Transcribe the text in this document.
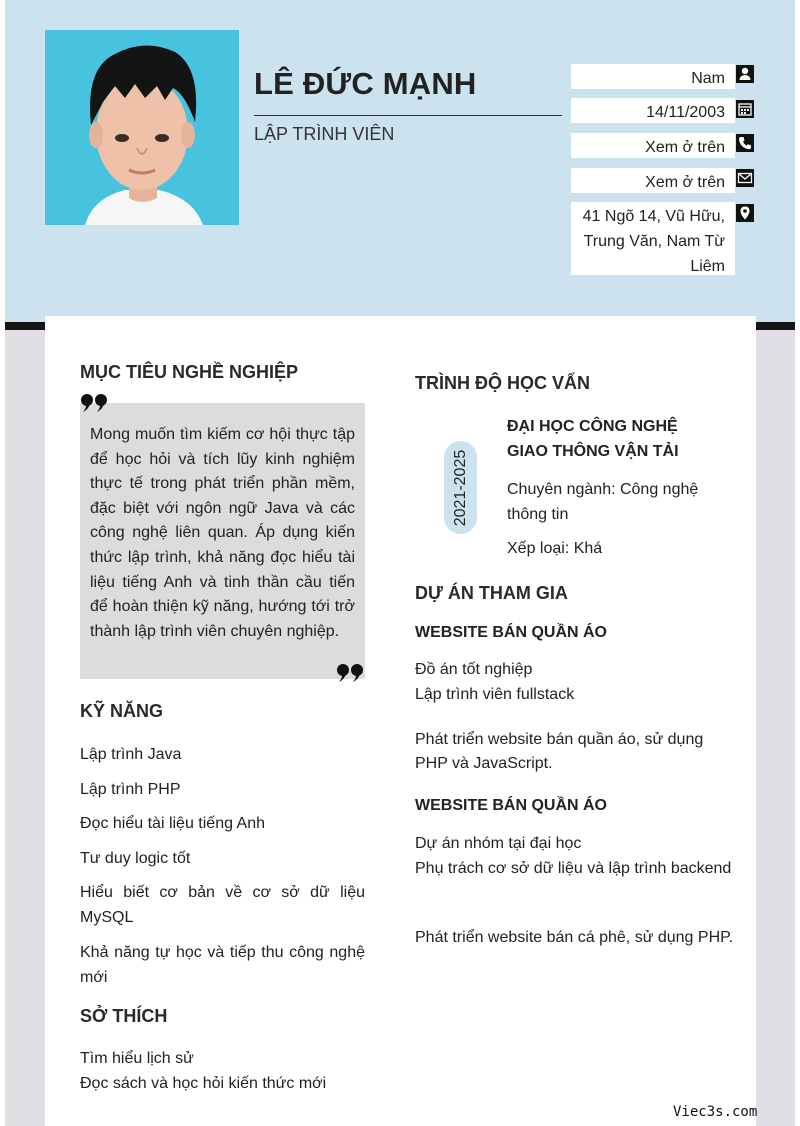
LÊ ĐỨC MẠNH
LẬP TRÌNH VIÊN
Nam
14/11/2003
Xem ở trên
Xem ở trên
41 Ngõ 14, Vũ Hữu, Trung Văn, Nam Từ Liêm
MỤC TIÊU NGHỀ NGHIỆP
Mong muốn tìm kiếm cơ hội thực tập để học hỏi và tích lũy kinh nghiệm thực tế trong phát triển phần mềm, đặc biệt với ngôn ngữ Java và các công nghệ liên quan. Áp dụng kiến thức lập trình, khả năng đọc hiểu tài liệu tiếng Anh và tinh thần cầu tiến để hoàn thiện kỹ năng, hướng tới trở thành lập trình viên chuyên nghiệp.
KỸ NĂNG
Lập trình Java
Lập trình PHP
Đọc hiểu tài liệu tiếng Anh
Tư duy logic tốt
Hiểu biết cơ bản về cơ sở dữ liệu MySQL
Khả năng tự học và tiếp thu công nghệ mới
SỞ THÍCH
Tìm hiểu lịch sử
Đọc sách và học hỏi kiến thức mới
TRÌNH ĐỘ HỌC VẤN
2021-2025
ĐẠI HỌC CÔNG NGHỆ GIAO THÔNG VẬN TẢI
Chuyên ngành: Công nghệ thông tin
Xếp loại: Khá
DỰ ÁN THAM GIA
WEBSITE BÁN QUẦN ÁO
Đồ án tốt nghiệp
Lập trình viên fullstack
Phát triển website bán quần áo, sử dụng PHP và JavaScript.
WEBSITE BÁN QUẦN ÁO
Dự án nhóm tại đại học
Phụ trách cơ sở dữ liệu và lập trình backend
Phát triển website bán cá phê, sử dụng PHP.
Viec3s.com
